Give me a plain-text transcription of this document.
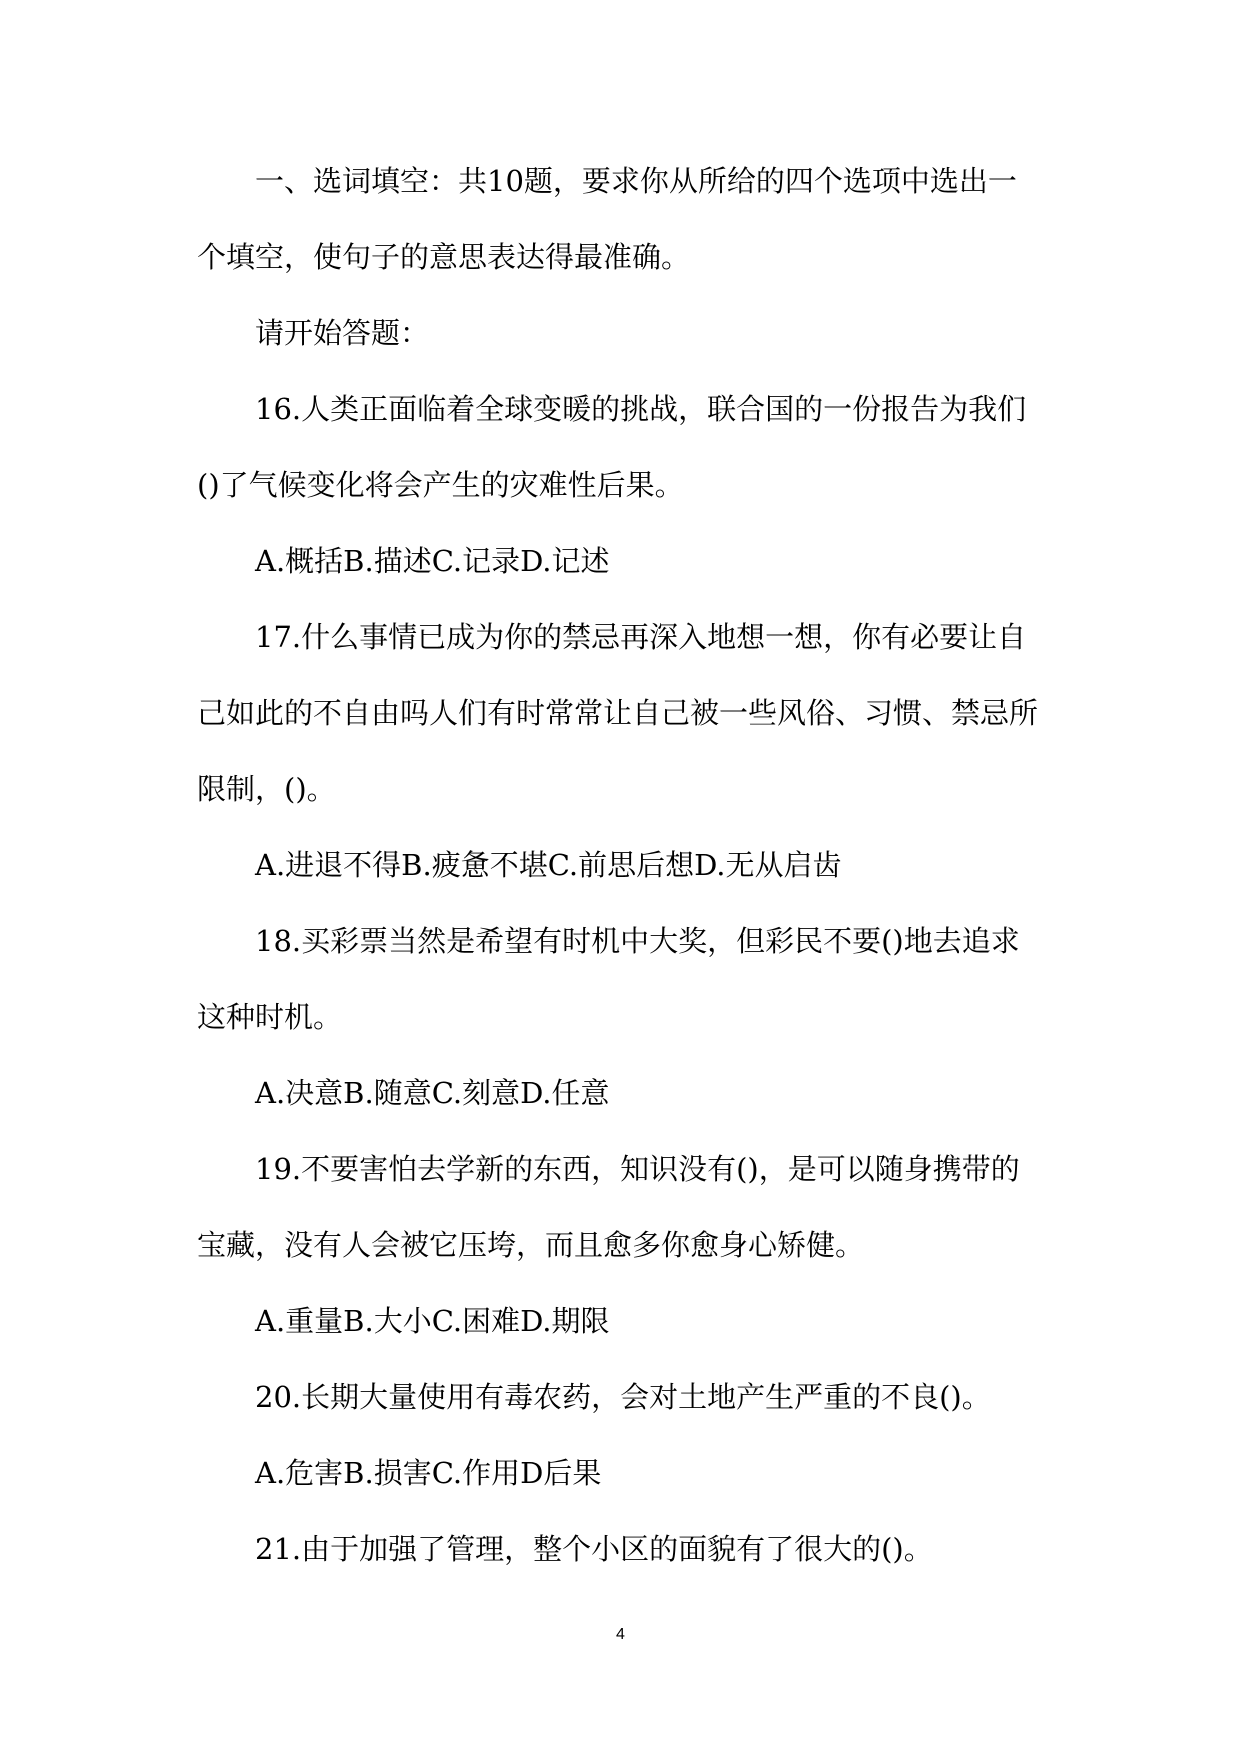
一、选词填空：共10题，要求你从所给的四个选项中选出一个填空，使句子的意思表达得最准确。

请开始答题：

16.人类正面临着全球变暖的挑战，联合国的一份报告为我们()了气候变化将会产生的灾难性后果。

A.概括B.描述C.记录D.记述

17.什么事情已成为你的禁忌再深入地想一想，你有必要让自己如此的不自由吗人们有时常常让自己被一些风俗、习惯、禁忌所限制，()。

A.进退不得B.疲惫不堪C.前思后想D.无从启齿

18.买彩票当然是希望有时机中大奖，但彩民不要()地去追求这种时机。

A.决意B.随意C.刻意D.任意

19.不要害怕去学新的东西，知识没有()，是可以随身携带的宝藏，没有人会被它压垮，而且愈多你愈身心矫健。

A.重量B.大小C.困难D.期限

20.长期大量使用有毒农药，会对土地产生严重的不良()。

A.危害B.损害C.作用D后果

21.由于加强了管理，整个小区的面貌有了很大的()。

4
